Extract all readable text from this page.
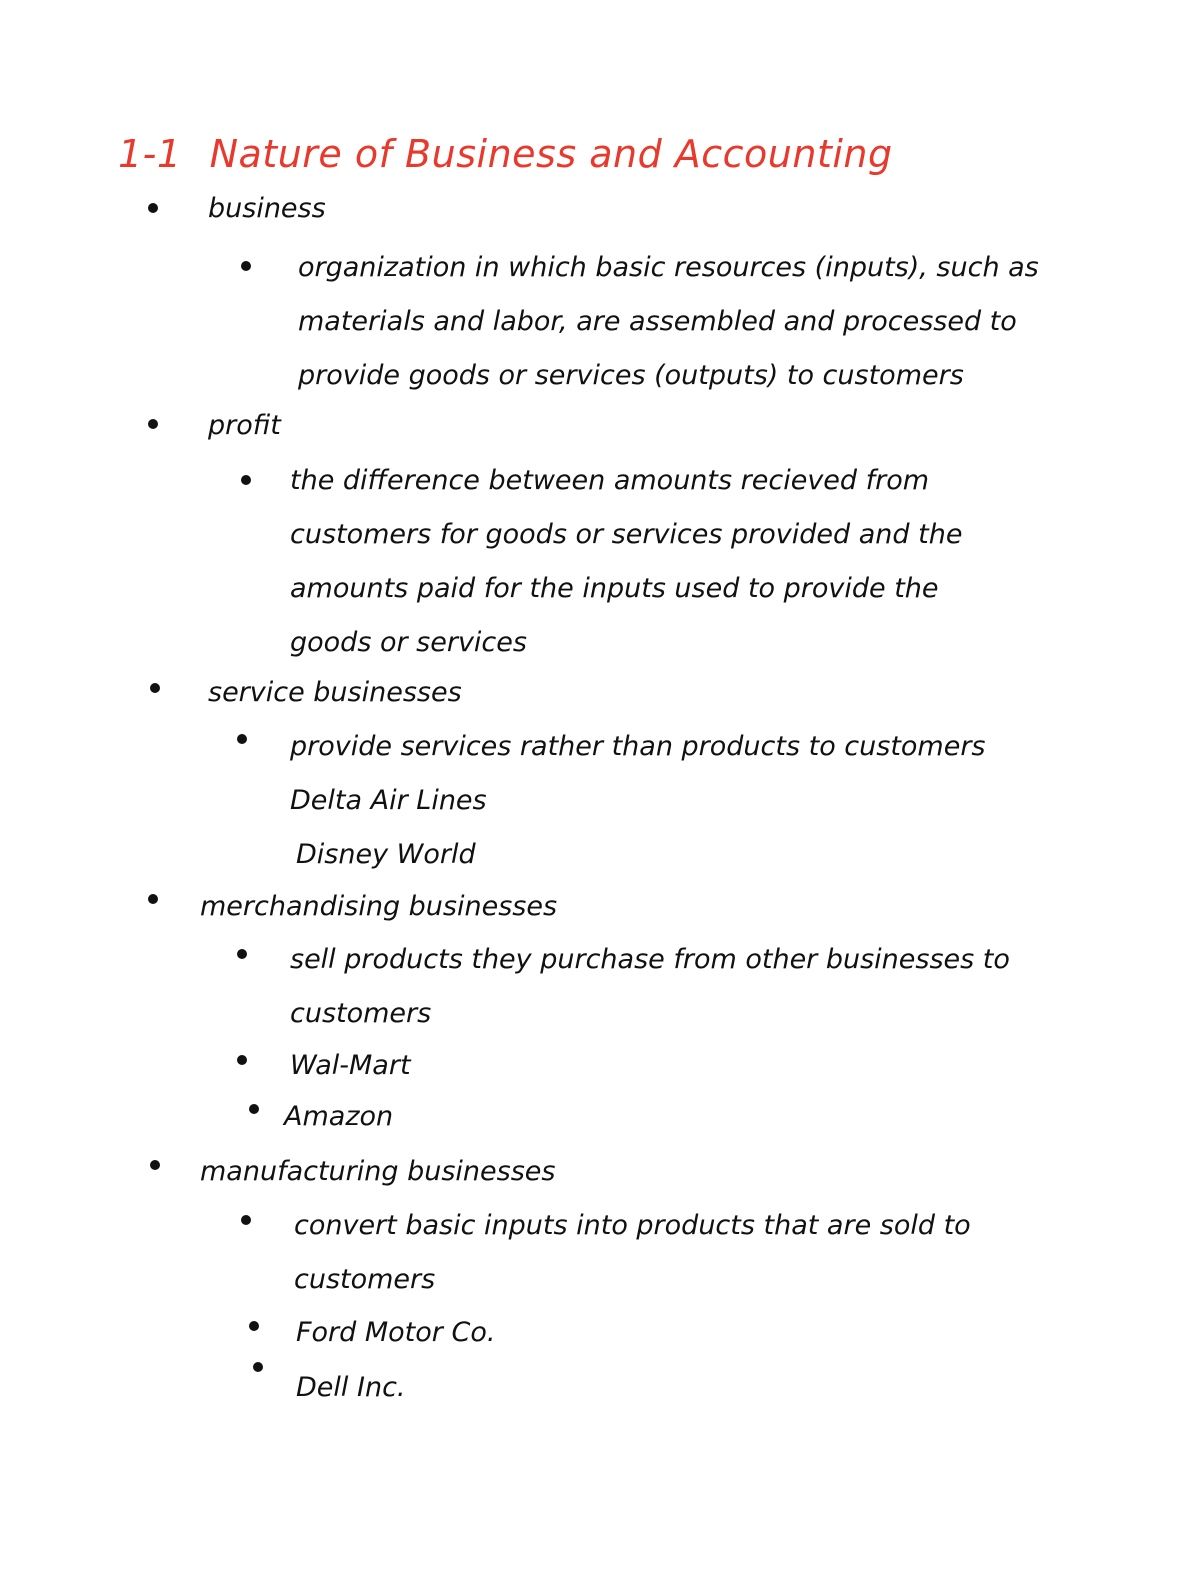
1-1 Nature of Business and Accounting
business
organization in which basic resources (inputs), such as
materials and labor, are assembled and processed to
provide goods or services (outputs) to customers
profit
the difference between amounts recieved from
customers for goods or services provided and the
amounts paid for the inputs used to provide the
goods or services
service businesses
provide services rather than products to customers
Delta Air Lines
Disney World
merchandising businesses
sell products they purchase from other businesses to
customers
Wal-Mart
Amazon
manufacturing businesses
convert basic inputs into products that are sold to
customers
Ford Motor Co.
Dell Inc.
